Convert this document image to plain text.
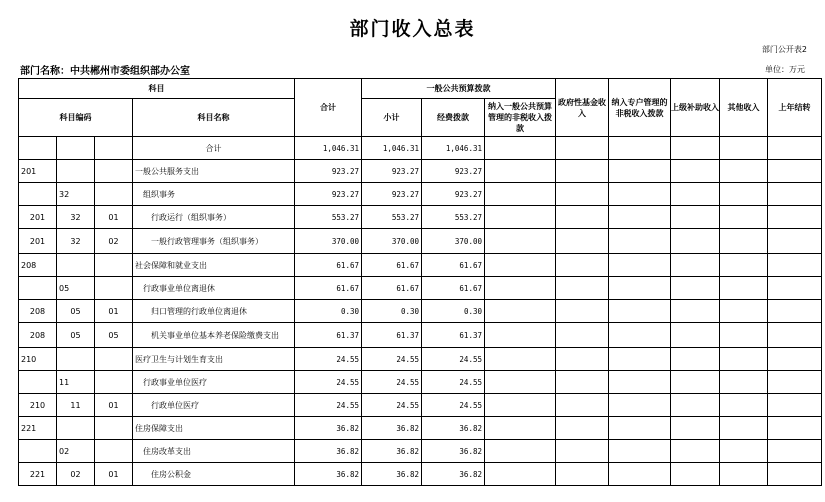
部门收入总表
部门公开表2
部门名称：中共郴州市委组织部办公室	单位：万元
科目				合计	一般公共预算拨款			政府性基金收入	纳入专户管理的非税收入拨款	上级补助收入	其他收入	上年结转
科目编码			科目名称		小计	经费拨款	纳入一般公共预算管理的非税收入拨款					

			合计	1,046.31	1,046.31	1,046.31						
201			一般公共服务支出	923.27	923.27	923.27						
	32		组织事务	923.27	923.27	923.27						
201	32	01	行政运行（组织事务）	553.27	553.27	553.27						
201	32	02	一般行政管理事务（组织事务）	370.00	370.00	370.00						
208			社会保障和就业支出	61.67	61.67	61.67						
	05		行政事业单位离退休	61.67	61.67	61.67						
208	05	01	归口管理的行政单位离退休	0.30	0.30	0.30						
208	05	05	机关事业单位基本养老保险缴费支出	61.37	61.37	61.37						
210			医疗卫生与计划生育支出	24.55	24.55	24.55						
	11		行政事业单位医疗	24.55	24.55	24.55						
210	11	01	行政单位医疗	24.55	24.55	24.55						
221			住房保障支出	36.82	36.82	36.82						
	02		住房改革支出	36.82	36.82	36.82						
221	02	01	住房公积金	36.82	36.82	36.82						
